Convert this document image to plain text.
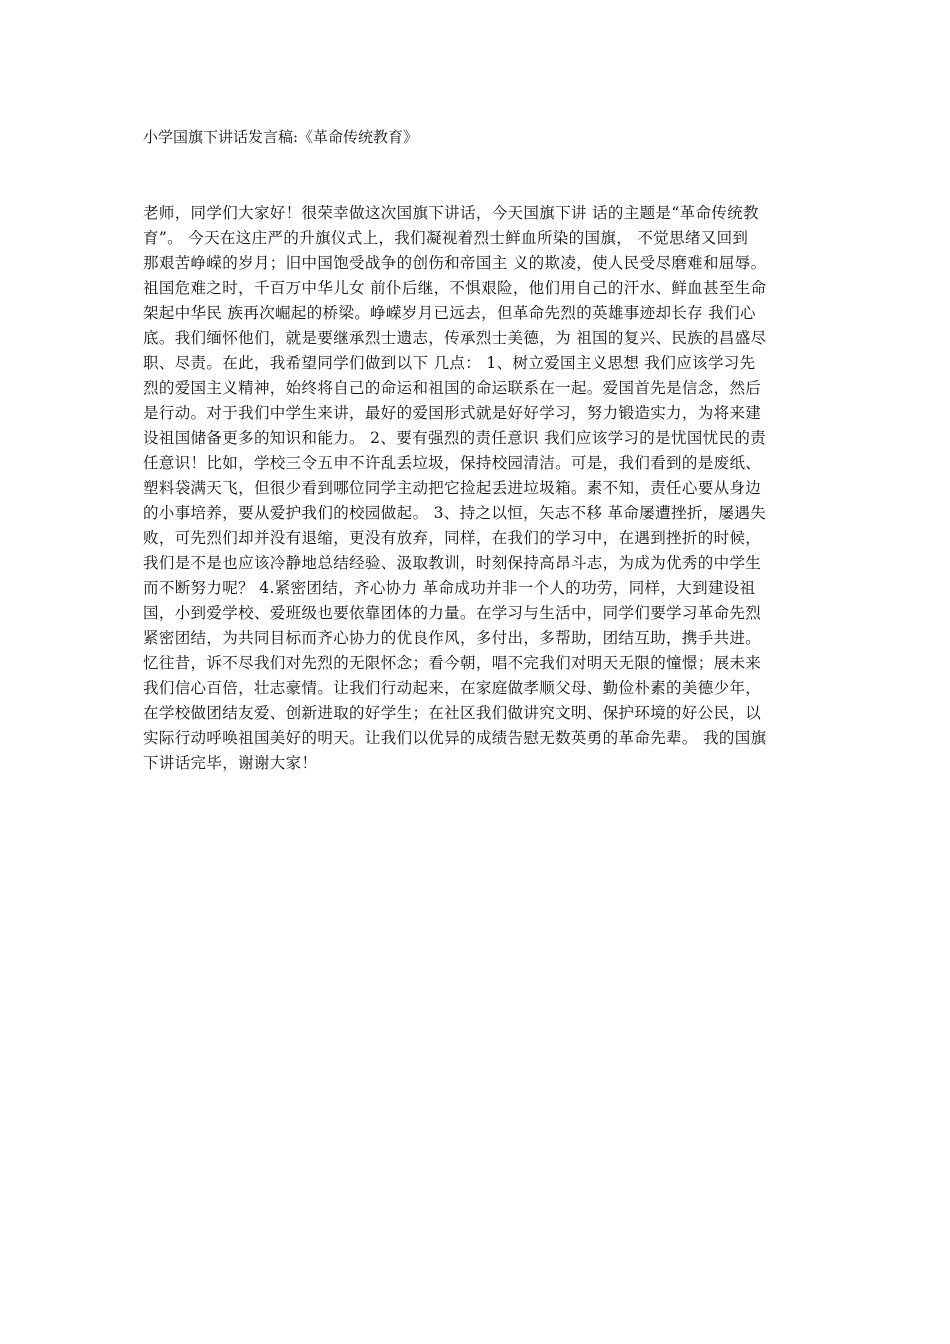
小学国旗下讲话发言稿:《革命传统教育》
老师，同学们大家好！很荣幸做这次国旗下讲话，今天国旗下讲 话的主题是“革命传统教
育”。 今天在这庄严的升旗仪式上，我们凝视着烈士鲜血所染的国旗， 不觉思绪又回到
那艰苦峥嵘的岁月；旧中国饱受战争的创伤和帝国主 义的欺凌，使人民受尽磨难和屈辱。
祖国危难之时，千百万中华儿女 前仆后继，不惧艰险，他们用自己的汗水、鲜血甚至生命
架起中华民 族再次崛起的桥梁。峥嵘岁月已远去，但革命先烈的英雄事迹却长存 我们心
底。我们缅怀他们，就是要继承烈士遗志，传承烈士美德，为 祖国的复兴、民族的昌盛尽
职、尽责。在此，我希望同学们做到以下 几点： 1、树立爱国主义思想 我们应该学习先
烈的爱国主义精神，始终将自己的命运和祖国的命运联系在一起。爱国首先是信念，然后
是行动。对于我们中学生来讲，最好的爱国形式就是好好学习，努力锻造实力，为将来建
设祖国储备更多的知识和能力。 2、要有强烈的责任意识 我们应该学习的是忧国忧民的责
任意识！比如，学校三令五申不许乱丢垃圾，保持校园清洁。可是，我们看到的是废纸、
塑料袋满天飞，但很少看到哪位同学主动把它捡起丢进垃圾箱。素不知，责任心要从身边
的小事培养，要从爱护我们的校园做起。 3、持之以恒，矢志不移 革命屡遭挫折，屡遇失
败，可先烈们却并没有退缩，更没有放弃，同样，在我们的学习中，在遇到挫折的时候，
我们是不是也应该冷静地总结经验、汲取教训，时刻保持高昂斗志，为成为优秀的中学生
而不断努力呢？ 4.紧密团结，齐心协力 革命成功并非一个人的功劳，同样，大到建设祖
国，小到爱学校、爱班级也要依靠团体的力量。在学习与生活中，同学们要学习革命先烈
紧密团结，为共同目标而齐心协力的优良作风，多付出，多帮助，团结互助，携手共进。
忆往昔，诉不尽我们对先烈的无限怀念；看今朝，唱不完我们对明天无限的憧憬；展未来
我们信心百倍，壮志豪情。让我们行动起来，在家庭做孝顺父母、勤俭朴素的美德少年，
在学校做团结友爱、创新进取的好学生；在社区我们做讲究文明、保护环境的好公民，以
实际行动呼唤祖国美好的明天。让我们以优异的成绩告慰无数英勇的革命先辈。 我的国旗
下讲话完毕，谢谢大家！
